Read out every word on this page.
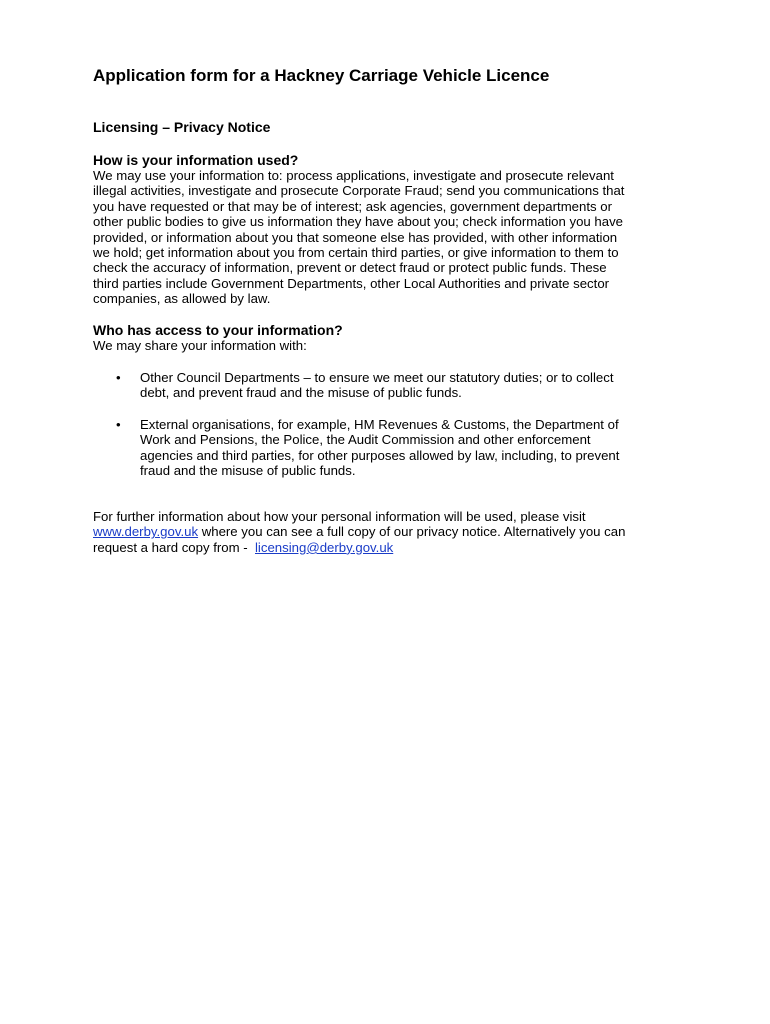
Application form for a Hackney Carriage Vehicle Licence
Licensing – Privacy Notice
How is your information used?

We may use your information to: process applications, investigate and prosecute relevant
illegal activities, investigate and prosecute Corporate Fraud; send you communications that
you have requested or that may be of interest; ask agencies, government departments or
other public bodies to give us information they have about you; check information you have
provided, or information about you that someone else has provided, with other information
we hold; get information about you from certain third parties, or give information to them to
check the accuracy of information, prevent or detect fraud or protect public funds. These
third parties include Government Departments, other Local Authorities and private sector
companies, as allowed by law.

Who has access to your information?

We may share your information with:

• Other Council Departments – to ensure we meet our statutory duties; or to collect
debt, and prevent fraud and the misuse of public funds.
• External organisations, for example, HM Revenues & Customs, the Department of
Work and Pensions, the Police, the Audit Commission and other enforcement
agencies and third parties, for other purposes allowed by law, including, to prevent
fraud and the misuse of public funds.

For further information about how your personal information will be used, please visit
www.derby.gov.uk where you can see a full copy of our privacy notice. Alternatively you can
request a hard copy from -  licensing@derby.gov.uk
